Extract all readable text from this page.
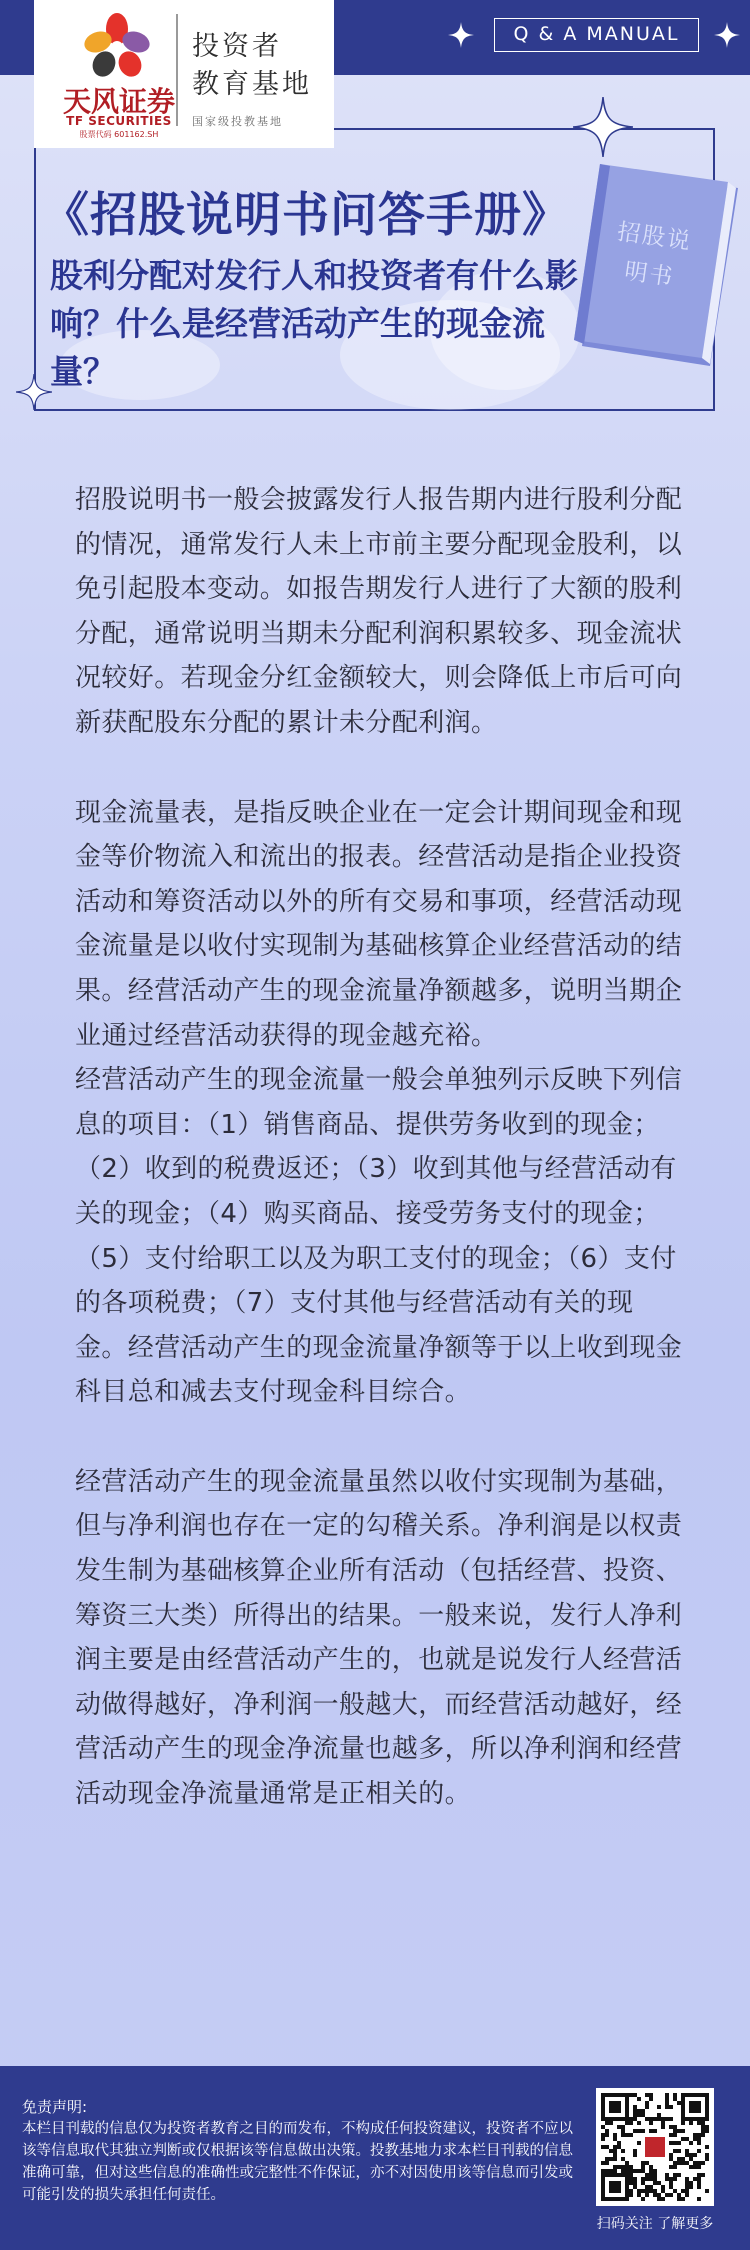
Q & A MANUAL
招股说明书
天风证券
TF SECURITIES
股票代码 601162.SH
投资者
教育基地
国家级投教基地
《招股说明书问答手册》
股利分配对发行人和投资者有什么影响？什么是经营活动产生的现金流量？

招股说明书一般会披露发行人报告期内进行股利分配的情况，通常发行人未上市前主要分配现金股利，以免引起股本变动。如报告期发行人进行了大额的股利分配，通常说明当期未分配利润积累较多、现金流状况较好。若现金分红金额较大，则会降低上市后可向新获配股东分配的累计未分配利润。

现金流量表，是指反映企业在一定会计期间现金和现金等价物流入和流出的报表。经营活动是指企业投资活动和筹资活动以外的所有交易和事项，经营活动现金流量是以收付实现制为基础核算企业经营活动的结果。经营活动产生的现金流量净额越多，说明当期企业通过经营活动获得的现金越充裕。

经营活动产生的现金流量一般会单独列示反映下列信息的项目：（1）销售商品、提供劳务收到的现金；（2）收到的税费返还；（3）收到其他与经营活动有关的现金；（4）购买商品、接受劳务支付的现金；（5）支付给职工以及为职工支付的现金；（6）支付的各项税费；（7）支付其他与经营活动有关的现金。经营活动产生的现金流量净额等于以上收到现金科目总和减去支付现金科目综合。

经营活动产生的现金流量虽然以收付实现制为基础，但与净利润也存在一定的勾稽关系。净利润是以权责发生制为基础核算企业所有活动（包括经营、投资、筹资三大类）所得出的结果。一般来说，发行人净利润主要是由经营活动产生的，也就是说发行人经营活动做得越好，净利润一般越大，而经营活动越好，经营活动产生的现金净流量也越多，所以净利润和经营活动现金净流量通常是正相关的。

免责声明:
本栏目刊载的信息仅为投资者教育之目的而发布，不构成任何投资建议，投资者不应以该等信息取代其独立判断或仅根据该等信息做出决策。投教基地力求本栏目刊载的信息准确可靠，但对这些信息的准确性或完整性不作保证，亦不对因使用该等信息而引发或可能引发的损失承担任何责任。
扫码关注 了解更多
